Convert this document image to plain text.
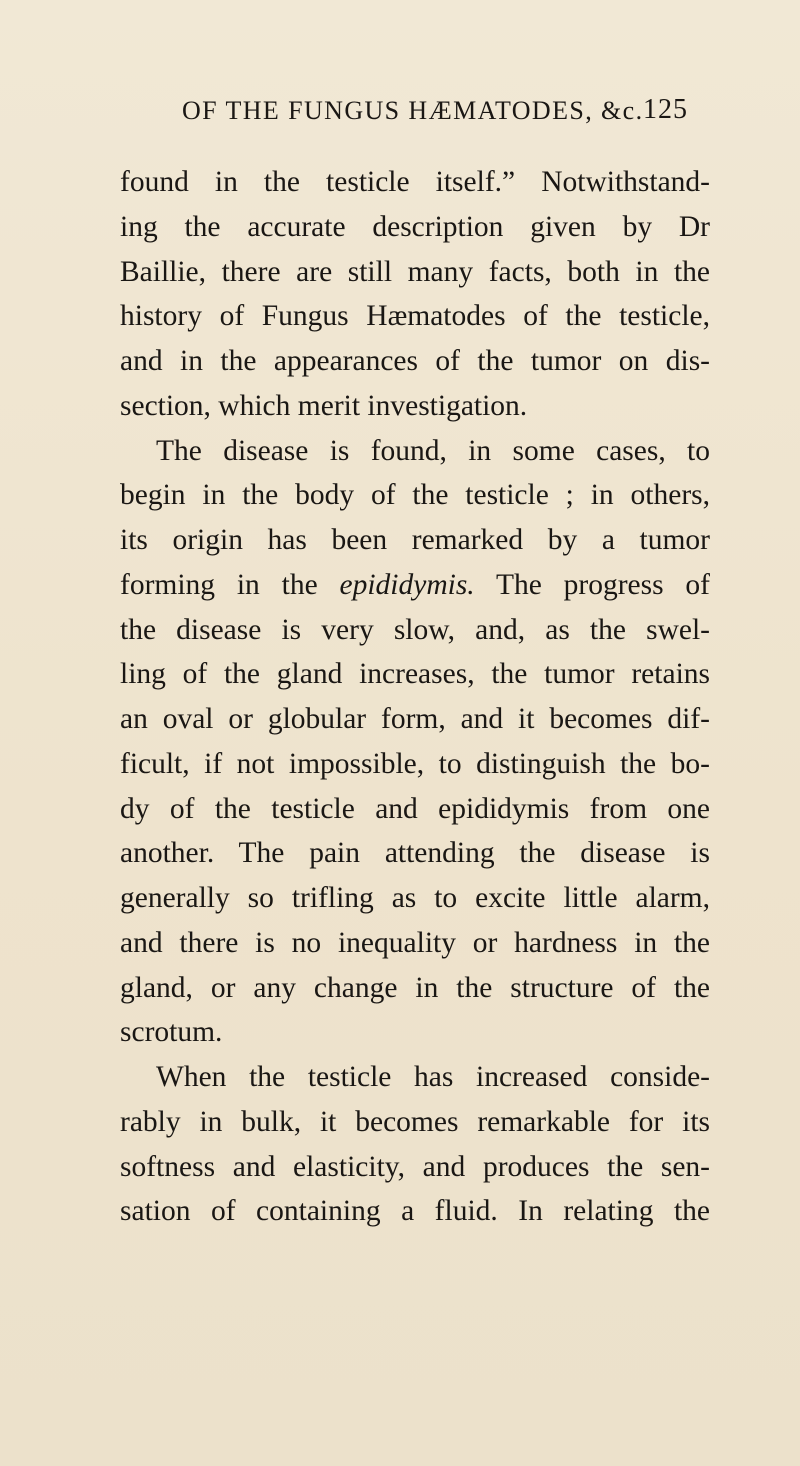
OF THE FUNGUS HÆMATODES, &c. 125
found in the testicle itself.” Notwithstand-
ing the accurate description given by Dr
Baillie, there are still many facts, both in the
history of Fungus Hæmatodes of the testicle,
and in the appearances of the tumor on dis-
section, which merit investigation.
The disease is found, in some cases, to
begin in the body of the testicle ; in others,
its origin has been remarked by a tumor
forming in the epididymis. The progress of
the disease is very slow, and, as the swel-
ling of the gland increases, the tumor retains
an oval or globular form, and it becomes dif-
ficult, if not impossible, to distinguish the bo-
dy of the testicle and epididymis from one
another. The pain attending the disease is
generally so trifling as to excite little alarm,
and there is no inequality or hardness in the
gland, or any change in the structure of the
scrotum.
When the testicle has increased conside-
rably in bulk, it becomes remarkable for its
softness and elasticity, and produces the sen-
sation of containing a fluid. In relating the
